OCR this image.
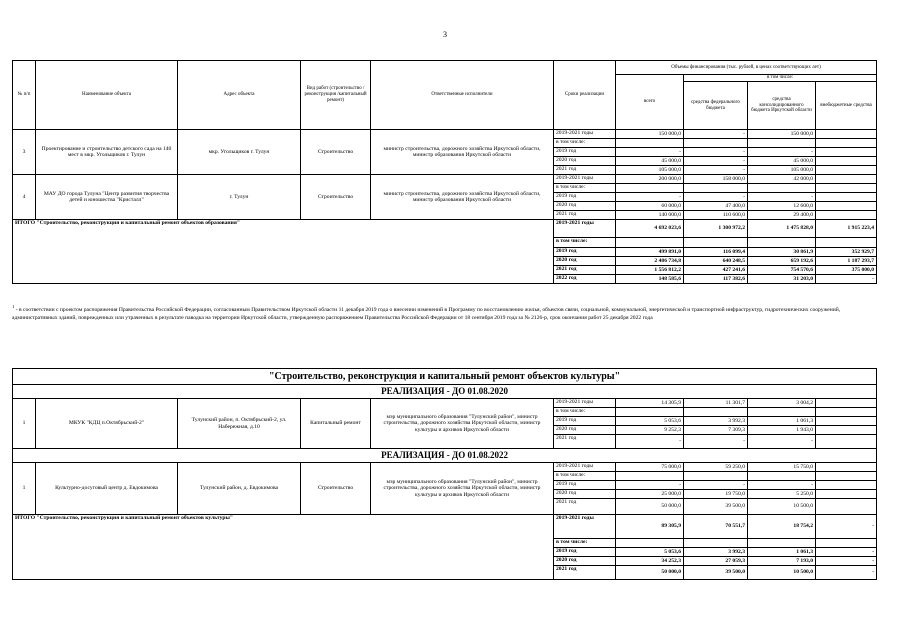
3
№ п/п	Наименование объекта	Адрес объекта	Вид работ (строительство /реконструкция /капитальный ремонт)	Ответственные исполнители	Сроки реализации	Объемы финансирования (тыс. рублей, в ценах соответствующих лет)			
						всего	в том числе:		
							средства федерального бюджета	средства консолидированного бюджета Иркутской области	внебюджетные средства
3	Проектирование и строительство детского сада на 140 мест в мкр. Угольщиков г. Тулун	мкр. Угольщиков г. Тулун	Строительство	министр строительства, дорожного хозяйства Иркутской области, министр образования Иркутской области	2019-2021 годы	150 000,0	-	150 000,0	
					в том числе:				
					2019 год	-	-	-	
					2020 год	45 000,0	-	45 000,0	
					2021 год	105 000,0	-	105 000,0	
4	МАУ ДО города Тулуна "Центр развития творчества детей и юношества "Кристалл"	г. Тулун	Строительство	министр строительства, дорожного хозяйства Иркутской области, министр образования Иркутской области	2019-2021 годы	200 000,0	158 000,0	42 000,0	
					в том числе:				
					2019 год	-	-	-	
					2020 год	60 000,0	47 400,0	12 600,0	
					2021 год	140 000,0	110 600,0	29 400,0	
ИТОГО "Строительство, реконструкция и капитальный ремонт объектов образования"					2019-2021 годы	4 692 023,6	1 300 972,2	1 475 828,0	1 915 223,4
					в том числе:				
					2019 год	499 891,0	116 099,4	30 861,9	352 929,7
					2020 год	2 486 734,8	640 248,5	659 192,6	1 187 293,7
					2021 год	1 556 812,2	427 241,6	754 570,6	375 000,0
					2022 год	148 585,6	117 382,6	31 203,0	-
$^1$ - в соответствии с проектом распоряжения Правительства Российской Федерации, согласованным Правительством Иркутской области 11 декабря 2019 года о внесении изменений в Программу по восстановлению жилья, объектов связи, социальной, коммунальной, энергетической и транспортной инфраструктур, гидротехнических сооружений, административных зданий, поврежденных или утраченных в результате паводка на территории Иркутской области, утвержденную распоряжением Правительства Российской Федерации от 18 сентября 2019 года за № 2126-р, срок окончания работ 25 декабря 2022 года
"Строительство, реконструкция и капитальный ремонт объектов культуры"									
РЕАЛИЗАЦИЯ - ДО 01.08.2020									
1	МКУК "КДЦ п.Октябрьский-2"	Тулунский район, п. Октябрьский-2, ул. Набережная, д.10	Капитальный ремонт	мэр муниципального образования "Тулунский район", министр строительства, дорожного хозяйства Иркутской области, министр культуры и архивов Иркутской области	2019-2021 годы	14 305,9	11 301,7	3 004,2	
					в том числе:				
					2019 год	5 053,6	3 992,3	1 061,3	
					2020 год	9 252,3	7 309,3	1 943,0	
					2021 год	-	-	-	
РЕАЛИЗАЦИЯ - ДО 01.08.2022									
1	Культурно-досуговый центр д. Евдокимова	Тулунский район, д. Евдокимова	Строительство	мэр муниципального образования "Тулунский район", министр строительства, дорожного хозяйства Иркутской области, министр культуры и архивов Иркутской области	2019-2021 годы	75 000,0	59 250,0	15 750,0	
					в том числе:				
					2019 год	-	-	-	
					2020 год	25 000,0	19 750,0	5 250,0	
					2021 год	50 000,0	39 500,0	10 500,0	
ИТОГО "Строительство, реконструкция и капитальный ремонт объектов культуры"					2019-2021 годы	89 305,9	70 551,7	18 754,2	-
					в том числе:				
					2019 год	5 053,6	3 992,3	1 061,3	-
					2020 год	34 252,3	27 059,3	7 193,0	-
					2021 год	50 000,0	39 500,0	10 500,0	-
